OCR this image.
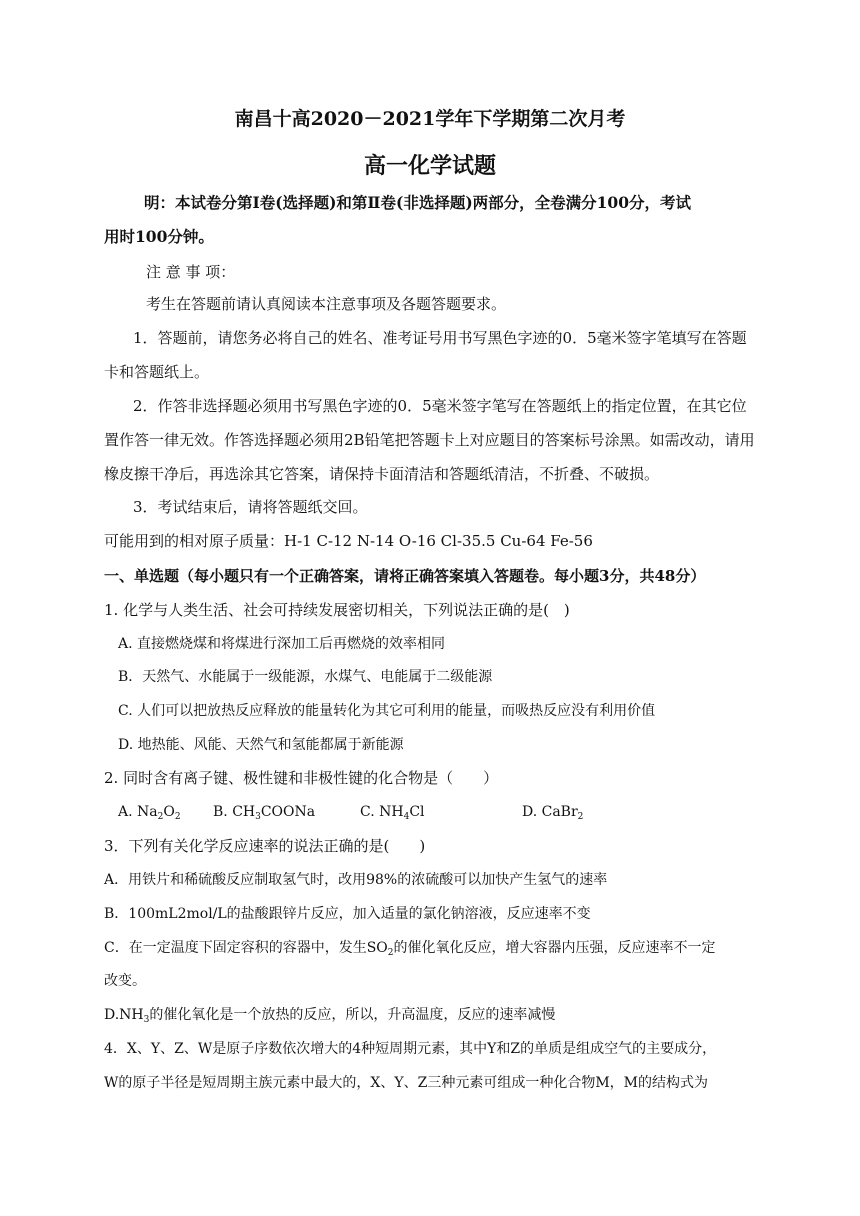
南昌十高2020－2021学年下学期第二次月考
高一化学试题
明：本试卷分第Ⅰ卷(选择题)和第Ⅱ卷(非选择题)两部分，全卷满分100分，考试
用时100分钟。
注 意 事 项：
考生在答题前请认真阅读本注意事项及各题答题要求。
1．答题前，请您务必将自己的姓名、准考证号用书写黑色字迹的0．5毫米签字笔填写在答题
卡和答题纸上。
2．作答非选择题必须用书写黑色字迹的0．5毫米签字笔写在答题纸上的指定位置，在其它位
置作答一律无效。作答选择题必须用2B铅笔把答题卡上对应题目的答案标号涂黑。如需改动，请用
橡皮擦干净后，再选涂其它答案，请保持卡面清洁和答题纸清洁，不折叠、不破损。
3．考试结束后，请将答题纸交回。
可能用到的相对原子质量：H-1 C-12 N-14 O-16 Cl-35.5 Cu-64 Fe-56
一、单选题（每小题只有一个正确答案，请将正确答案填入答题卷。每小题3分，共48分）
1. 化学与人类生活、社会可持续发展密切相关，下列说法正确的是(　)
A. 直接燃烧煤和将煤进行深加工后再燃烧的效率相同
B．天然气、水能属于一级能源，水煤气、电能属于二级能源
C. 人们可以把放热反应释放的能量转化为其它可利用的能量，而吸热反应没有利用价值
D. 地热能、风能、天然气和氢能都属于新能源
2. 同时含有离子键、极性键和非极性键的化合物是（　　）
A. $Na_2O_2$ B. $CH_3COONa$	C. $NH_4Cl$	D. CaBr$_2$
3．下列有关化学反应速率的说法正确的是(　　)
A．用铁片和稀硫酸反应制取氢气时，改用98%的浓硫酸可以加快产生氢气的速率
B．100mL2mol/L的盐酸跟锌片反应，加入适量的氯化钠溶液，反应速率不变
C．在一定温度下固定容积的容器中，发生$SO_2$的催化氧化反应，增大容器内压强，反应速率不一定
改变。
$D.NH_3$的催化氧化是一个放热的反应，所以，升高温度，反应的速率减慢
4．X、Y、Z、W是原子序数依次增大的4种短周期元素，其中Y和Z的单质是组成空气的主要成分，
W的原子半径是短周期主族元素中最大的，X、Y、Z三种元素可组成一种化合物M，M的结构式为
